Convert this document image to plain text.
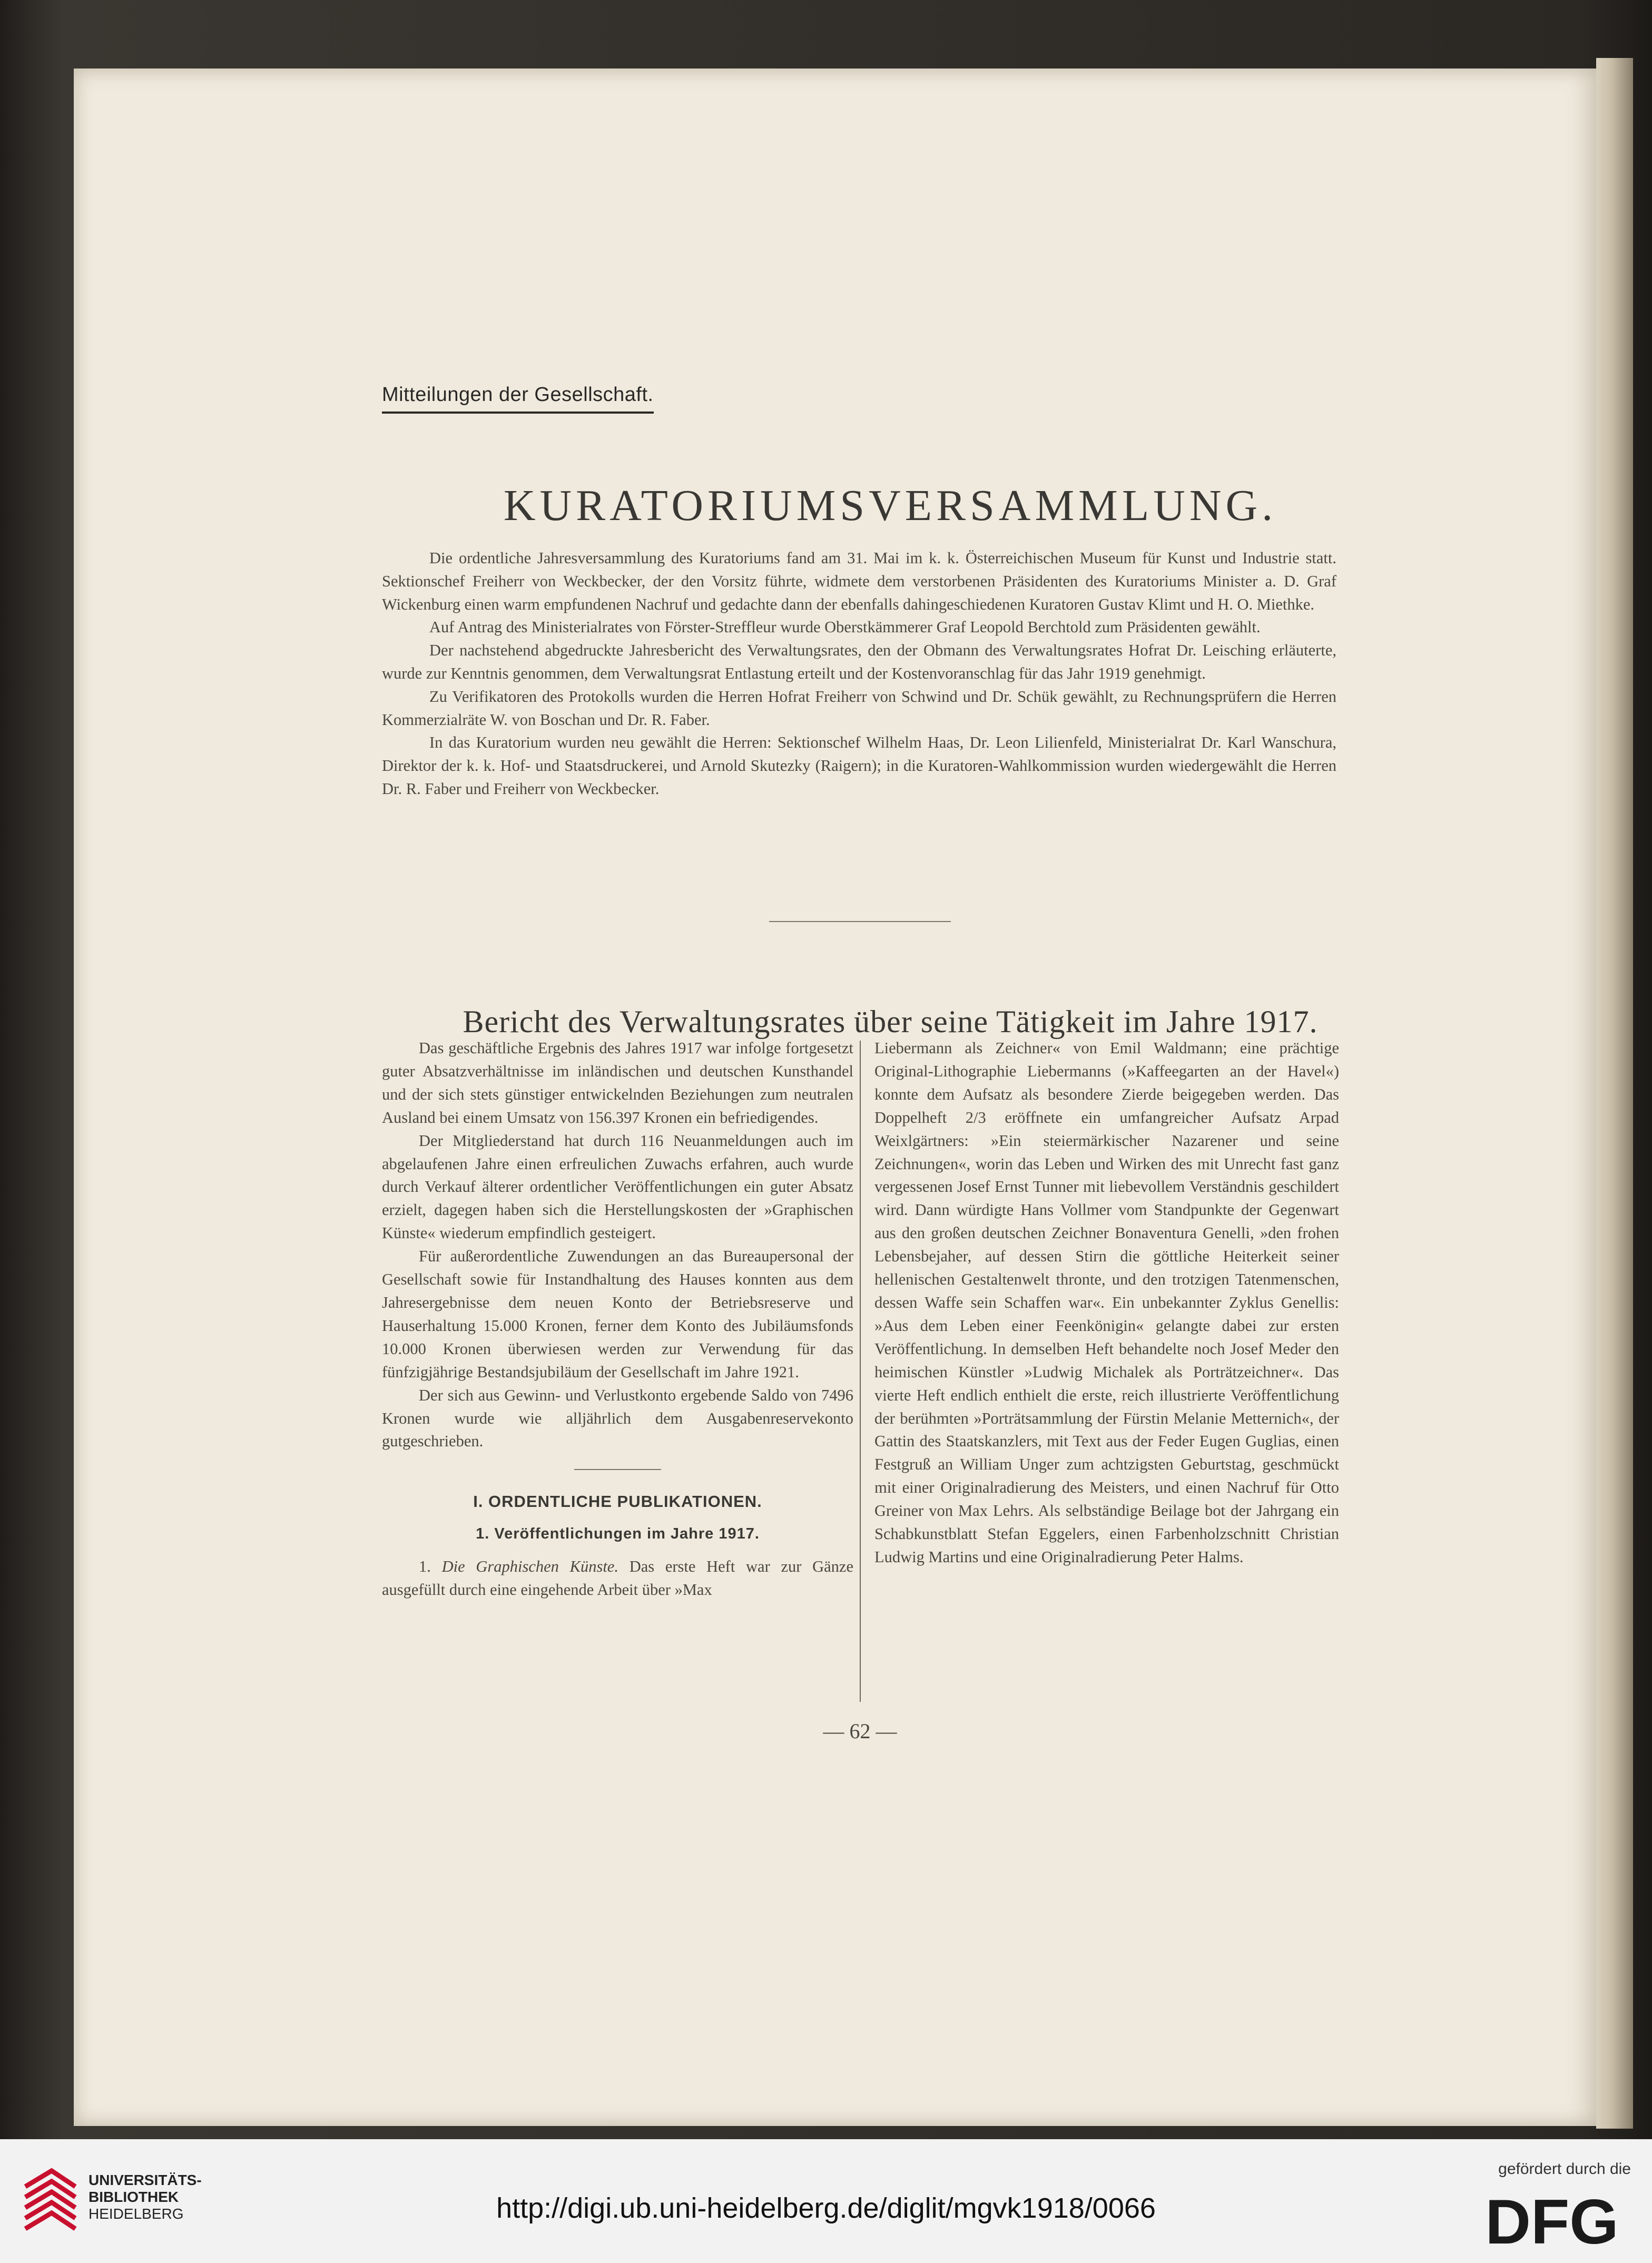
Mitteilungen der Gesellschaft.
KURATORIUMSVERSAMMLUNG.

Die ordentliche Jahresversammlung des Kuratoriums fand am 31. Mai im k. k. Österreichischen Museum für Kunst und Industrie statt. Sektionschef Freiherr von Weckbecker, der den Vorsitz führte, widmete dem verstorbenen Präsidenten des Kuratoriums Minister a. D. Graf Wickenburg einen warm empfundenen Nachruf und gedachte dann der ebenfalls dahingeschiedenen Kuratoren Gustav Klimt und H. O. Miethke.

Auf Antrag des Ministerialrates von Förster-Streffleur wurde Oberstkämmerer Graf Leopold Berchtold zum Präsidenten gewählt.

Der nachstehend abgedruckte Jahresbericht des Verwaltungsrates, den der Obmann des Verwaltungsrates Hofrat Dr. Leisching erläuterte, wurde zur Kenntnis genommen, dem Verwaltungsrat Entlastung erteilt und der Kostenvoranschlag für das Jahr 1919 genehmigt.

Zu Verifikatoren des Protokolls wurden die Herren Hofrat Freiherr von Schwind und Dr. Schük gewählt, zu Rechnungsprüfern die Herren Kommerzialräte W. von Boschan und Dr. R. Faber.

In das Kuratorium wurden neu gewählt die Herren: Sektionschef Wilhelm Haas, Dr. Leon Lilienfeld, Ministerialrat Dr. Karl Wanschura, Direktor der k. k. Hof- und Staatsdruckerei, und Arnold Skutezky (Raigern); in die Kuratoren-Wahlkommission wurden wiedergewählt die Herren Dr. R. Faber und Freiherr von Weckbecker.

Bericht des Verwaltungsrates über seine Tätigkeit im Jahre 1917.

Das geschäftliche Ergebnis des Jahres 1917 war infolge fortgesetzt guter Absatzverhältnisse im inländischen und deutschen Kunsthandel und der sich stets günstiger entwickelnden Beziehungen zum neutralen Ausland bei einem Umsatz von 156.397 Kronen ein befriedigendes.

Der Mitgliederstand hat durch 116 Neuanmeldungen auch im abgelaufenen Jahre einen erfreulichen Zuwachs erfahren, auch wurde durch Verkauf älterer ordentlicher Veröffentlichungen ein guter Absatz erzielt, dagegen haben sich die Herstellungskosten der »Graphischen Künste« wiederum empfindlich gesteigert.

Für außerordentliche Zuwendungen an das Bureaupersonal der Gesellschaft sowie für Instandhaltung des Hauses konnten aus dem Jahresergebnisse dem neuen Konto der Betriebsreserve und Hauserhaltung 15.000 Kronen, ferner dem Konto des Jubiläumsfonds 10.000 Kronen überwiesen werden zur Verwendung für das fünfzigjährige Bestandsjubiläum der Gesellschaft im Jahre 1921.

Der sich aus Gewinn- und Verlustkonto ergebende Saldo von 7496 Kronen wurde wie alljährlich dem Ausgabenreservekonto gutgeschrieben.

I. ORDENTLICHE PUBLIKATIONEN.
1. Veröffentlichungen im Jahre 1917.

1. Die Graphischen Künste. Das erste Heft war zur Gänze ausgefüllt durch eine eingehende Arbeit über »Max

Liebermann als Zeichner« von Emil Waldmann; eine prächtige Original-Lithographie Liebermanns (»Kaffeegarten an der Havel«) konnte dem Aufsatz als besondere Zierde beigegeben werden. Das Doppelheft 2/3 eröffnete ein umfangreicher Aufsatz Arpad Weixlgärtners: »Ein steiermärkischer Nazarener und seine Zeichnungen«, worin das Leben und Wirken des mit Unrecht fast ganz vergessenen Josef Ernst Tunner mit liebevollem Verständnis geschildert wird. Dann würdigte Hans Vollmer vom Standpunkte der Gegenwart aus den großen deutschen Zeichner Bonaventura Genelli, »den frohen Lebensbejaher, auf dessen Stirn die göttliche Heiterkeit seiner hellenischen Gestaltenwelt thronte, und den trotzigen Tatenmenschen, dessen Waffe sein Schaffen war«. Ein unbekannter Zyklus Genellis: »Aus dem Leben einer Feenkönigin« gelangte dabei zur ersten Veröffentlichung. In demselben Heft behandelte noch Josef Meder den heimischen Künstler »Ludwig Michalek als Porträtzeichner«. Das vierte Heft endlich enthielt die erste, reich illustrierte Veröffentlichung der berühmten »Porträtsammlung der Fürstin Melanie Metternich«, der Gattin des Staatskanzlers, mit Text aus der Feder Eugen Guglias, einen Festgruß an William Unger zum achtzigsten Geburtstag, geschmückt mit einer Originalradierung des Meisters, und einen Nachruf für Otto Greiner von Max Lehrs. Als selbständige Beilage bot der Jahrgang ein Schabkunstblatt Stefan Eggelers, einen Farbenholzschnitt Christian Ludwig Martins und eine Originalradierung Peter Halms.

— 62 —
UNIVERSITÄTS-
BIBLIOTHEK
HEIDELBERG	http://digi.ub.uni-heidelberg.de/diglit/mgvk1918/0066
gefördert durch die
DFG
